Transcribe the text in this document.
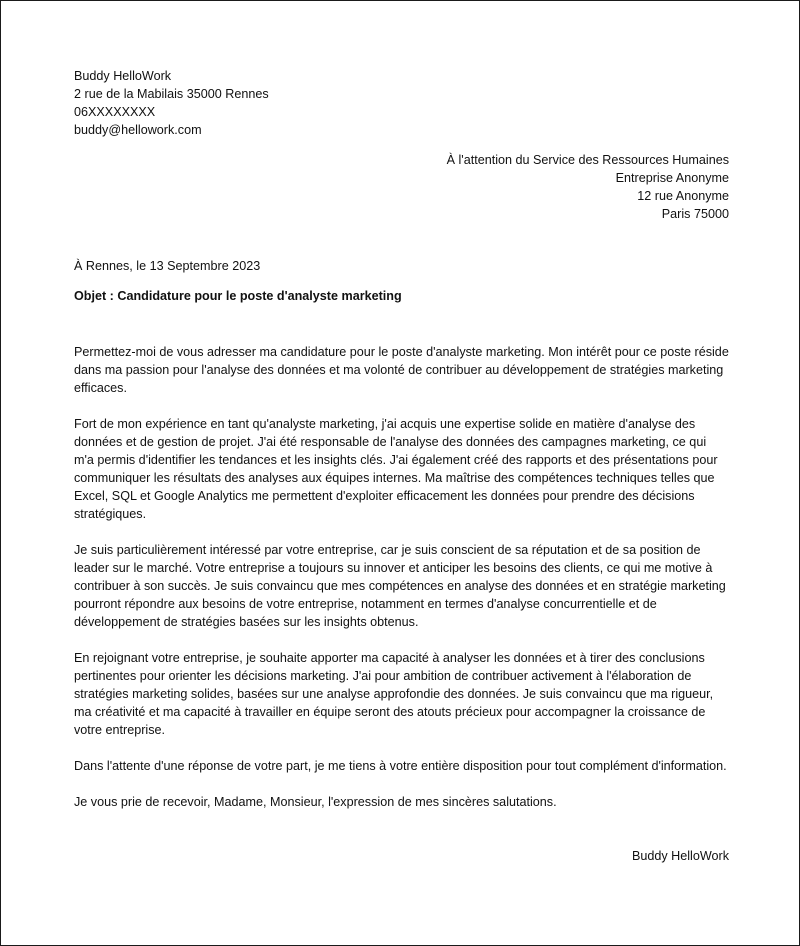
Buddy HelloWork
2 rue de la Mabilais 35000 Rennes
06XXXXXXXX
buddy@hellowork.com
À l'attention du Service des Ressources Humaines
Entreprise Anonyme
12 rue Anonyme
Paris 75000
À Rennes, le 13 Septembre 2023
Objet : Candidature pour le poste d'analyste marketing

Permettez-moi de vous adresser ma candidature pour le poste d'analyste marketing. Mon intérêt pour ce poste réside dans ma passion pour l'analyse des données et ma volonté de contribuer au développement de stratégies marketing efficaces.

Fort de mon expérience en tant qu'analyste marketing, j'ai acquis une expertise solide en matière d'analyse des données et de gestion de projet. J'ai été responsable de l'analyse des données des campagnes marketing, ce qui m'a permis d'identifier les tendances et les insights clés. J'ai également créé des rapports et des présentations pour communiquer les résultats des analyses aux équipes internes. Ma maîtrise des compétences techniques telles que Excel, SQL et Google Analytics me permettent d'exploiter efficacement les données pour prendre des décisions stratégiques.

Je suis particulièrement intéressé par votre entreprise, car je suis conscient de sa réputation et de sa position de leader sur le marché. Votre entreprise a toujours su innover et anticiper les besoins des clients, ce qui me motive à contribuer à son succès. Je suis convaincu que mes compétences en analyse des données et en stratégie marketing pourront répondre aux besoins de votre entreprise, notamment en termes d'analyse concurrentielle et de développement de stratégies basées sur les insights obtenus.

En rejoignant votre entreprise, je souhaite apporter ma capacité à analyser les données et à tirer des conclusions pertinentes pour orienter les décisions marketing. J'ai pour ambition de contribuer activement à l'élaboration de stratégies marketing solides, basées sur une analyse approfondie des données. Je suis convaincu que ma rigueur, ma créativité et ma capacité à travailler en équipe seront des atouts précieux pour accompagner la croissance de votre entreprise.

Dans l'attente d'une réponse de votre part, je me tiens à votre entière disposition pour tout complément d'information.

Je vous prie de recevoir, Madame, Monsieur, l'expression de mes sincères salutations.
Buddy HelloWork
